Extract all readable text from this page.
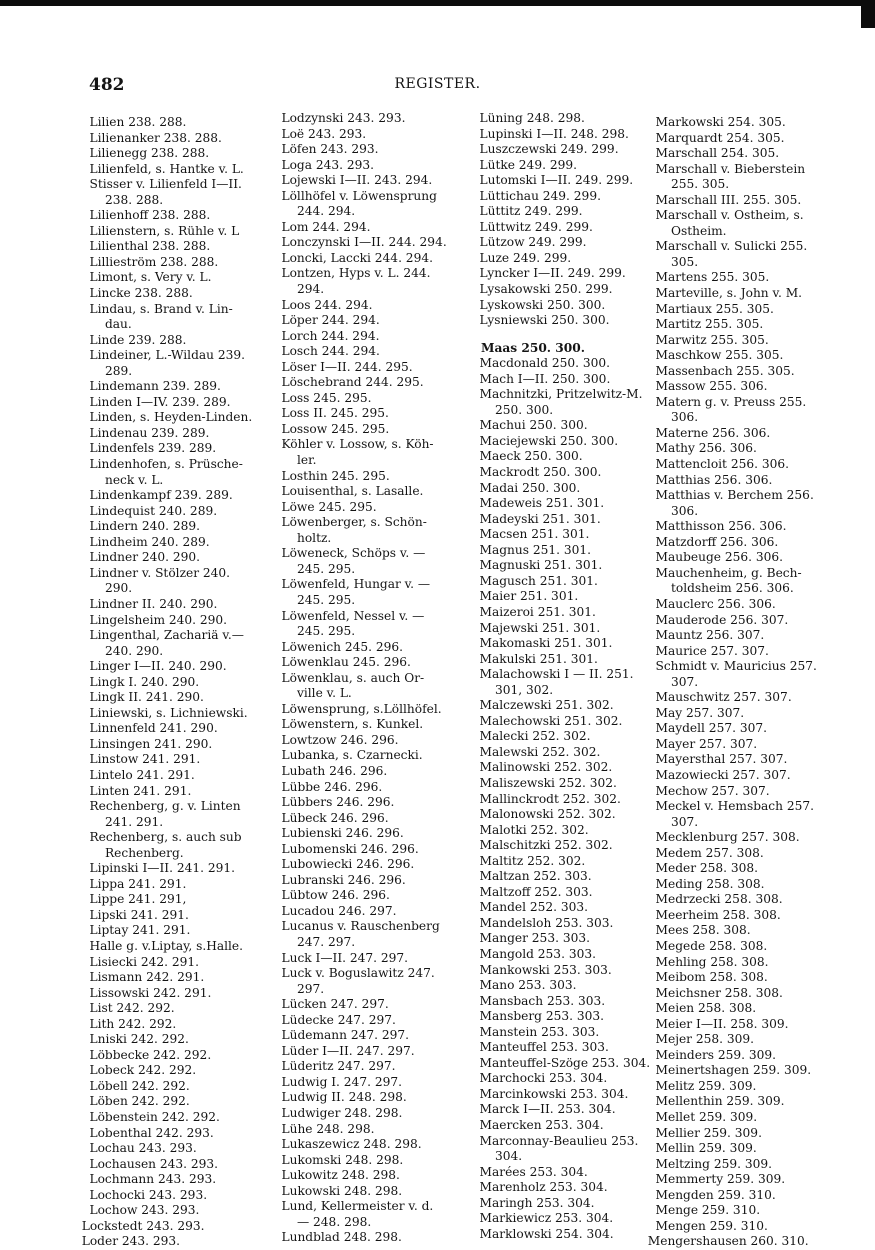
482	REGISTER.
Lilien 238. 288.
Lilienanker 238. 288.
Lilienegg 238. 288.
Lilienfeld, s. Hantke v. L.
Stisser v. Lilienfeld I—II.
238. 288.
Lilienhoff 238. 288.
Lilienstern, s. Rühle v. L
Lilienthal 238. 288.
Lillieström 238. 288.
Limont, s. Very v. L.
Lincke 238. 288.
Lindau, s. Brand v. Lin-
dau.
Linde 239. 288.
Lindeiner, L.-Wildau 239.
289.
Lindemann 239. 289.
Linden I—IV. 239. 289.
Linden, s. Heyden-Linden.
Lindenau 239. 289.
Lindenfels 239. 289.
Lindenhofen, s. Prüsche-
neck v. L.
Lindenkampf 239. 289.
Lindequist 240. 289.
Lindern 240. 289.
Lindheim 240. 289.
Lindner 240. 290.
Lindner v. Stölzer 240.
290.
Lindner II. 240. 290.
Lingelsheim 240. 290.
Lingenthal, Zachariä v.—
240. 290.
Linger I—II. 240. 290.
Lingk I. 240. 290.
Lingk II. 241. 290.
Liniewski, s. Lichniewski.
Linnenfeld 241. 290.
Linsingen 241. 290.
Linstow 241. 291.
Lintelo 241. 291.
Linten 241. 291.
Rechenberg, g. v. Linten
241. 291.
Rechenberg, s. auch sub
Rechenberg.
Lipinski I—II. 241. 291.
Lippa 241. 291.
Lippe 241. 291,
Lipski 241. 291.
Liptay 241. 291.
Halle g. v.Liptay, s.Halle.
Lisiecki 242. 291.
Lismann 242. 291.
Lissowski 242. 291.
List 242. 292.
Lith 242. 292.
Lniski 242. 292.
Löbbecke 242. 292.
Lobeck 242. 292.
Löbell 242. 292.
Löben 242. 292.
Löbenstein 242. 292.
Lobenthal 242. 293.
Lochau 243. 293.
Lochausen 243. 293.
Lochmann 243. 293.
Lochocki 243. 293.
Lochow 243. 293.
Lockstedt 243. 293.
Loder 243. 293.
Lodzynski 243. 293.
Loë 243. 293.
Löfen 243. 293.
Loga 243. 293.
Lojewski I—II. 243. 294.
Löllhöfel v. Löwensprung
244. 294.
Lom 244. 294.
Lonczynski I—II. 244. 294.
Loncki, Laccki 244. 294.
Lontzen, Hyps v. L. 244.
294.
Loos 244. 294.
Löper 244. 294.
Lorch 244. 294.
Losch 244. 294.
Löser I—II. 244. 295.
Löschebrand 244. 295.
Loss 245. 295.
Loss II. 245. 295.
Lossow 245. 295.
Köhler v. Lossow, s. Köh-
ler.
Losthin 245. 295.
Louisenthal, s. Lasalle.
Löwe 245. 295.
Löwenberger, s. Schön-
holtz.
Löweneck, Schöps v. —
245. 295.
Löwenfeld, Hungar v. —
245. 295.
Löwenfeld, Nessel v. —
245. 295.
Löwenich 245. 296.
Löwenklau 245. 296.
Löwenklau, s. auch Or-
ville v. L.
Löwensprung, s.Löllhöfel.
Löwenstern, s. Kunkel.
Lowtzow 246. 296.
Lubanka, s. Czarnecki.
Lubath 246. 296.
Lübbe 246. 296.
Lübbers 246. 296.
Lübeck 246. 296.
Lubienski 246. 296.
Lubomenski 246. 296.
Lubowiecki 246. 296.
Lubranski 246. 296.
Lübtow 246. 296.
Lucadou 246. 297.
Lucanus v. Rauschenberg
247. 297.
Luck I—II. 247. 297.
Luck v. Boguslawitz 247.
297.
Lücken 247. 297.
Lüdecke 247. 297.
Lüdemann 247. 297.
Lüder I—II. 247. 297.
Lüderitz 247. 297.
Ludwig I. 247. 297.
Ludwig II. 248. 298.
Ludwiger 248. 298.
Lühe 248. 298.
Lukaszewicz 248. 298.
Lukomski 248. 298.
Lukowitz 248. 298.
Lukowski 248. 298.
Lund, Kellermeister v. d.
— 248. 298.
Lundblad 248. 298.
Lüning 248. 298.
Lupinski I—II. 248. 298.
Luszczewski 249. 299.
Lütke 249. 299.
Lutomski I—II. 249. 299.
Lüttichau 249. 299.
Lüttitz 249. 299.
Lüttwitz 249. 299.
Lützow 249. 299.
Luze 249. 299.
Lyncker I—II. 249. 299.
Lysakowski 250. 299.
Lyskowski 250. 300.
Lysniewski 250. 300.
Maas 250. 300.
Macdonald 250. 300.
Mach I—II. 250. 300.
Machnitzki, Pritzelwitz-M.
250. 300.
Machui 250. 300.
Maciejewski 250. 300.
Maeck 250. 300.
Mackrodt 250. 300.
Madai 250. 300.
Madeweis 251. 301.
Madeyski 251. 301.
Macsen 251. 301.
Magnus 251. 301.
Magnuski 251. 301.
Magusch 251. 301.
Maier 251. 301.
Maizeroi 251. 301.
Majewski 251. 301.
Makomaski 251. 301.
Makulski 251. 301.
Malachowski I — II. 251.
301, 302.
Malczewski 251. 302.
Malechowski 251. 302.
Malecki 252. 302.
Malewski 252. 302.
Malinowski 252. 302.
Maliszewski 252. 302.
Mallinckrodt 252. 302.
Malonowski 252. 302.
Malotki 252. 302.
Malschitzki 252. 302.
Maltitz 252. 302.
Maltzan 252. 303.
Maltzoff 252. 303.
Mandel 252. 303.
Mandelsloh 253. 303.
Manger 253. 303.
Mangold 253. 303.
Mankowski 253. 303.
Mano 253. 303.
Mansbach 253. 303.
Mansberg 253. 303.
Manstein 253. 303.
Manteuffel 253. 303.
Manteuffel-Szöge 253. 304.
Marchocki 253. 304.
Marcinkowski 253. 304.
Marck I—II. 253. 304.
Maercken 253. 304.
Marconnay-Beaulieu 253.
304.
Marées 253. 304.
Marenholz 253. 304.
Maringh 253. 304.
Markiewicz 253. 304.
Marklowski 254. 304.
Markowski 254. 305.
Marquardt 254. 305.
Marschall 254. 305.
Marschall v. Bieberstein
255. 305.
Marschall III. 255. 305.
Marschall v. Ostheim, s.
Ostheim.
Marschall v. Sulicki 255.
305.
Martens 255. 305.
Marteville, s. John v. M.
Martiaux 255. 305.
Martitz 255. 305.
Marwitz 255. 305.
Maschkow 255. 305.
Massenbach 255. 305.
Massow 255. 306.
Matern g. v. Preuss 255.
306.
Materne 256. 306.
Mathy 256. 306.
Mattencloit 256. 306.
Matthias 256. 306.
Matthias v. Berchem 256.
306.
Matthisson 256. 306.
Matzdorff 256. 306.
Maubeuge 256. 306.
Mauchenheim, g. Bech-
toldsheim 256. 306.
Mauclerc 256. 306.
Mauderode 256. 307.
Mauntz 256. 307.
Maurice 257. 307.
Schmidt v. Mauricius 257.
307.
Mauschwitz 257. 307.
May 257. 307.
Maydell 257. 307.
Mayer 257. 307.
Mayersthal 257. 307.
Mazowiecki 257. 307.
Mechow 257. 307.
Meckel v. Hemsbach 257.
307.
Mecklenburg 257. 308.
Medem 257. 308.
Meder 258. 308.
Meding 258. 308.
Medrzecki 258. 308.
Meerheim 258. 308.
Mees 258. 308.
Megede 258. 308.
Mehling 258. 308.
Meibom 258. 308.
Meichsner 258. 308.
Meien 258. 308.
Meier I—II. 258. 309.
Mejer 258. 309.
Meinders 259. 309.
Meinertshagen 259. 309.
Melitz 259. 309.
Mellenthin 259. 309.
Mellet 259. 309.
Mellier 259. 309.
Mellin 259. 309.
Meltzing 259. 309.
Memmerty 259. 309.
Mengden 259. 310.
Menge 259. 310.
Mengen 259. 310.
Mengershausen 260. 310.
